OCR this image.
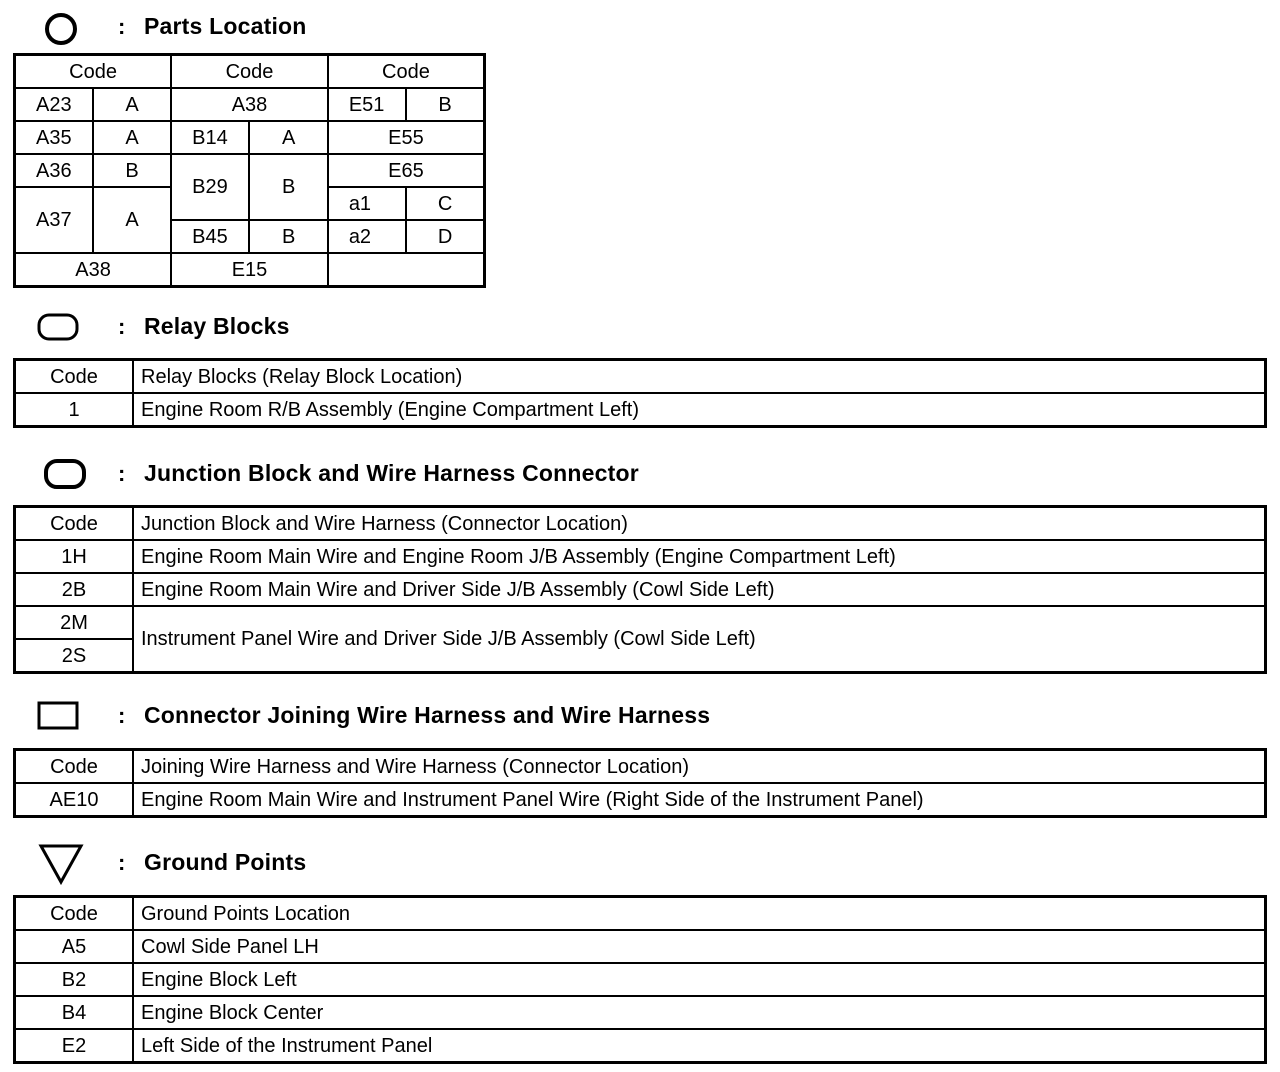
: Parts Location
Code		Code		Code	
A23	A	A38		E51	B
A35	A	B14	A	E55	
A36	B	B29	B	E65	
A37	A			a1	C
		B45	B	a2	D
A38		E15			
: Relay Blocks
Code	Relay Blocks (Relay Block Location)
1	Engine Room R/B Assembly (Engine Compartment Left)
: Junction Block and Wire Harness Connector
Code	Junction Block and Wire Harness (Connector Location)
1H	Engine Room Main Wire and Engine Room J/B Assembly (Engine Compartment Left)
2B	Engine Room Main Wire and Driver Side J/B Assembly (Cowl Side Left)
2M	Instrument Panel Wire and Driver Side J/B Assembly (Cowl Side Left)
2S	
: Connector Joining Wire Harness and Wire Harness
Code	Joining Wire Harness and Wire Harness (Connector Location)
AE10	Engine Room Main Wire and Instrument Panel Wire (Right Side of the Instrument Panel)
: Ground Points
Code	Ground Points Location
A5	Cowl Side Panel LH
B2	Engine Block Left
B4	Engine Block Center
E2	Left Side of the Instrument Panel
